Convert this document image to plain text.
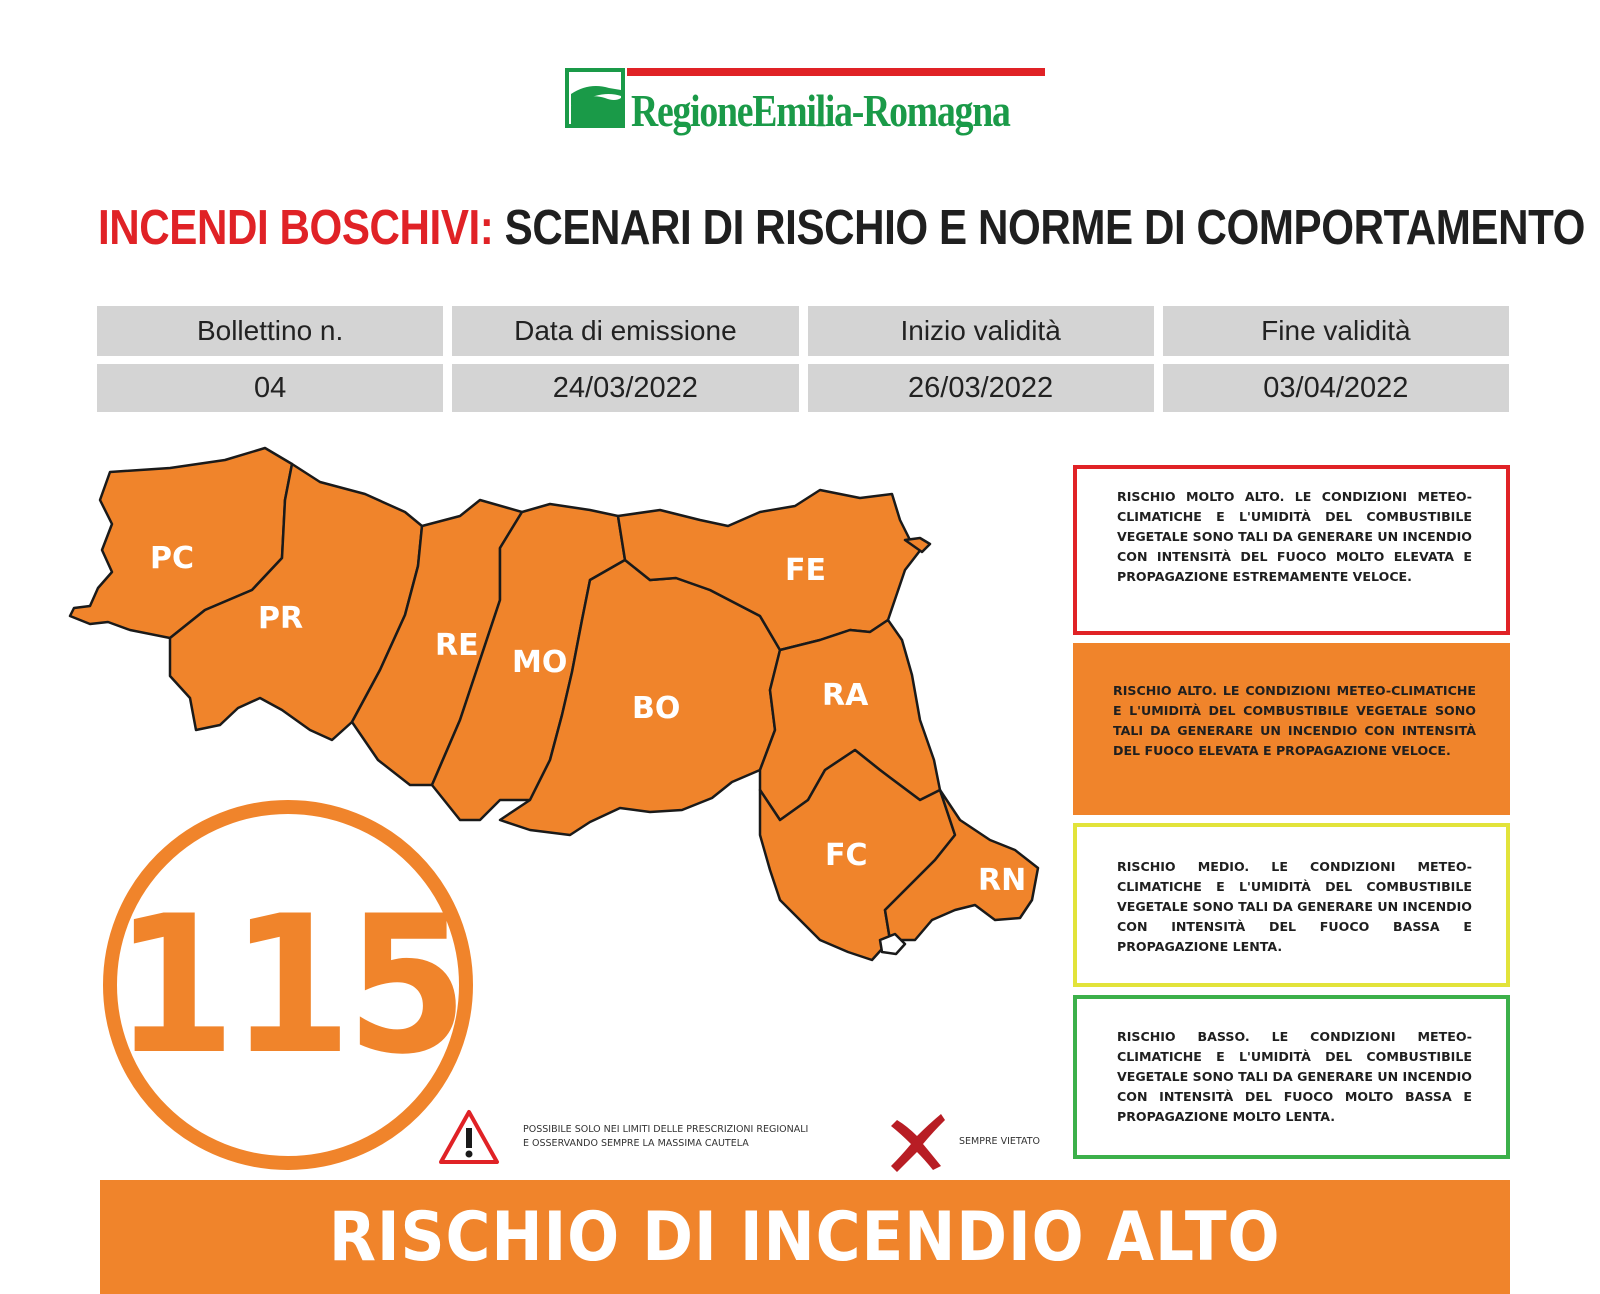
RegioneEmilia-Romagna
INCENDI BOSCHIVI: SCENARI DI RISCHIO E NORME DI COMPORTAMENTO
Bollettino n.	Data di emissione	Inizio validità	Fine validità
04	24/03/2022	26/03/2022	03/04/2022
PC
PR
RE MO
BO
FE
RA
FC
RN
115
RISCHIO MOLTO ALTO. LE CONDIZIONI METEO-CLIMATICHE E L'UMIDITÀ DEL COMBUSTIBILE VEGETALE SONO TALI DA GENERARE UN INCENDIO CON INTENSITÀ DEL FUOCO MOLTO ELEVATA E PROPAGAZIONE ESTREMAMENTE VELOCE.
RISCHIO ALTO. LE CONDIZIONI METEO-CLIMATICHE E L'UMIDITÀ DEL COMBUSTIBILE VEGETALE SONO TALI DA GENERARE UN INCENDIO CON INTENSITÀ DEL FUOCO ELEVATA E PROPAGAZIONE VELOCE.
RISCHIO MEDIO. LE CONDIZIONI METEO-CLIMATICHE E L'UMIDITÀ DEL COMBUSTIBILE VEGETALE SONO TALI DA GENERARE UN INCENDIO CON INTENSITÀ DEL FUOCO BASSA E PROPAGAZIONE LENTA.
RISCHIO BASSO. LE CONDIZIONI METEO-CLIMATICHE E L'UMIDITÀ DEL COMBUSTIBILE VEGETALE SONO TALI DA GENERARE UN INCENDIO CON INTENSITÀ DEL FUOCO MOLTO BASSA E PROPAGAZIONE MOLTO LENTA.
POSSIBILE SOLO NEI LIMITI DELLE PRESCRIZIONI REGIONALI
E OSSERVANDO SEMPRE LA MASSIMA CAUTELA	SEMPRE VIETATO
RISCHIO DI INCENDIO ALTO
